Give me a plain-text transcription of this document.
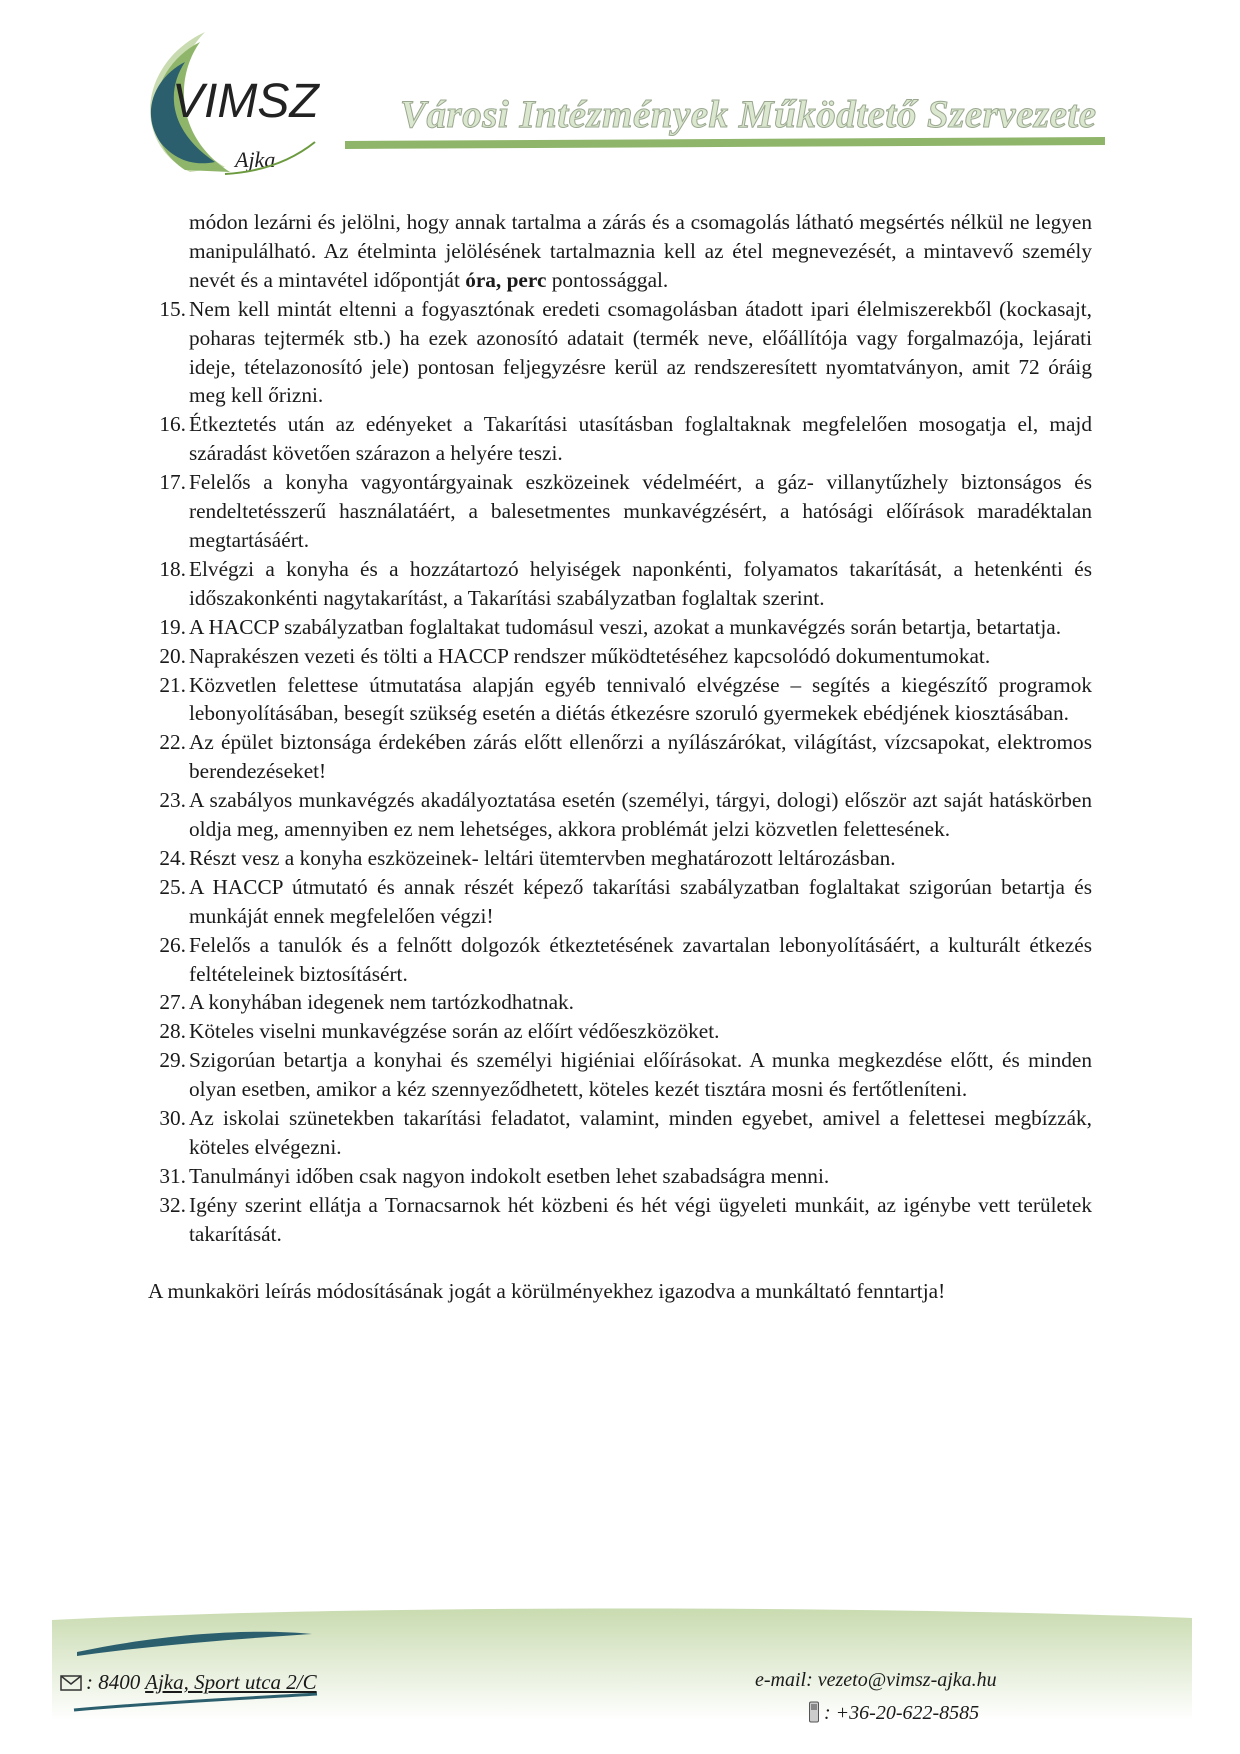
VIMSZ
Ajka
Városi Intézmények Működtető Szervezete
módon lezárni és jelölni, hogy annak tartalma a zárás és a csomagolás látható megsértés nélkül ne legyen manipulálható. Az ételminta jelölésének tartalmaznia kell az étel megnevezését, a mintavevő személy nevét és a mintavétel időpontját óra, perc pontossággal.
15. Nem kell mintát eltenni a fogyasztónak eredeti csomagolásban átadott ipari élelmiszerekből (kockasajt, poharas tejtermék stb.) ha ezek azonosító adatait (termék neve, előállítója vagy forgalmazója, lejárati ideje, tételazonosító jele) pontosan feljegyzésre kerül az rendszeresített nyomtatványon, amit 72 óráig meg kell őrizni.
16. Étkeztetés után az edényeket a Takarítási utasításban foglaltaknak megfelelően mosogatja el, majd száradást követően szárazon a helyére teszi.
17. Felelős a konyha vagyontárgyainak eszközeinek védelméért, a gáz- villanytűzhely biztonságos és rendeltetésszerű használatáért, a balesetmentes munkavégzésért, a hatósági előírások maradéktalan megtartásáért.
18. Elvégzi a konyha és a hozzátartozó helyiségek naponkénti, folyamatos takarítását, a hetenkénti és időszakonkénti nagytakarítást, a Takarítási szabályzatban foglaltak szerint.
19. A HACCP szabályzatban foglaltakat tudomásul veszi, azokat a munkavégzés során betartja, betartatja.
20. Naprakészen vezeti és tölti a HACCP rendszer működtetéséhez kapcsolódó dokumentumokat.
21. Közvetlen felettese útmutatása alapján egyéb tennivaló elvégzése – segítés a kiegészítő programok lebonyolításában, besegít szükség esetén a diétás étkezésre szoruló gyermekek ebédjének kiosztásában.
22. Az épület biztonsága érdekében zárás előtt ellenőrzi a nyílászárókat, világítást, vízcsapokat, elektromos berendezéseket!
23. A szabályos munkavégzés akadályoztatása esetén (személyi, tárgyi, dologi) először azt saját hatáskörben oldja meg, amennyiben ez nem lehetséges, akkora problémát jelzi közvetlen felettesének.
24. Részt vesz a konyha eszközeinek- leltári ütemtervben meghatározott leltározásban.
25. A HACCP útmutató és annak részét képező takarítási szabályzatban foglaltakat szigorúan betartja és munkáját ennek megfelelően végzi!
26. Felelős a tanulók és a felnőtt dolgozók étkeztetésének zavartalan lebonyolításáért, a kulturált étkezés feltételeinek biztosításért.
27. A konyhában idegenek nem tartózkodhatnak.
28. Köteles viselni munkavégzése során az előírt védőeszközöket.
29. Szigorúan betartja a konyhai és személyi higiéniai előírásokat. A munka megkezdése előtt, és minden olyan esetben, amikor a kéz szennyeződhetett, köteles kezét tisztára mosni és fertőtleníteni.
30. Az iskolai szünetekben takarítási feladatot, valamint, minden egyebet, amivel a felettesei megbízzák, köteles elvégezni.
31. Tanulmányi időben csak nagyon indokolt esetben lehet szabadságra menni.
32. Igény szerint ellátja a Tornacsarnok hét közbeni és hét végi ügyeleti munkáit, az igénybe vett területek takarítását.
A munkaköri leírás módosításának jogát a körülményekhez igazodva a munkáltató fenntartja!
: 8400 Ajka, Sport utca 2/C	e-mail: vezeto@vimsz-ajka.hu
: +36-20-622-8585
